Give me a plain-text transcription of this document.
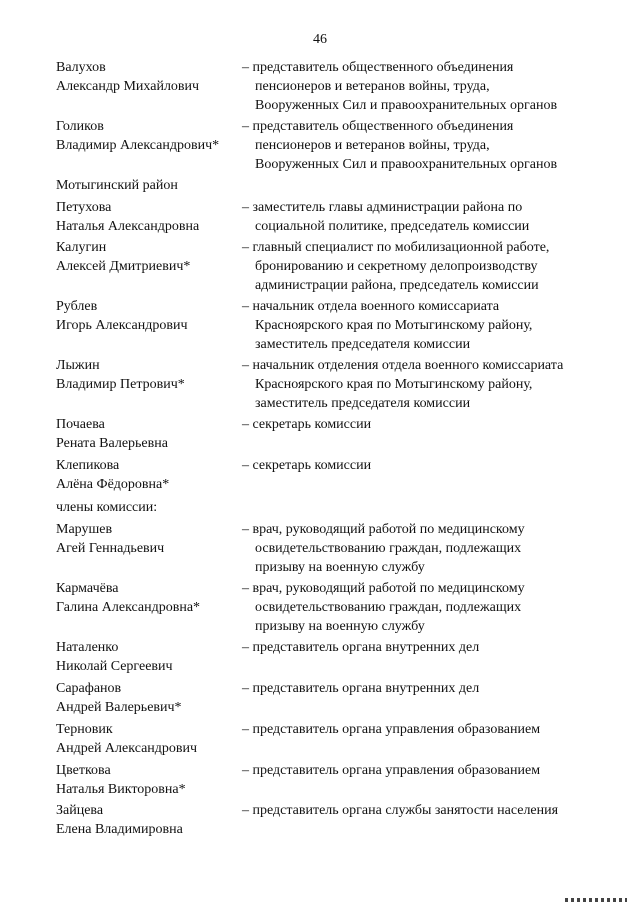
46
Валухов
Александр Михайлович
– представитель общественного объединения
пенсионеров и ветеранов войны, труда,
Вооруженных Сил и правоохранительных органов
Голиков
Владимир Александрович*
– представитель общественного объединения
пенсионеров и ветеранов войны, труда,
Вооруженных Сил и правоохранительных органов
Мотыгинский район
Петухова
Наталья Александровна
– заместитель главы администрации района по
социальной политике, председатель комиссии
Калугин
Алексей Дмитриевич*
– главный специалист по мобилизационной работе,
бронированию и секретному делопроизводству
администрации района, председатель комиссии
Рублев
Игорь Александрович
– начальник отдела военного комиссариата
Красноярского края по Мотыгинскому району,
заместитель председателя комиссии
Лыжин
Владимир Петрович*
– начальник отделения отдела военного комиссариата
Красноярского края по Мотыгинскому району,
заместитель председателя комиссии
Почаева
Рената Валерьевна
– секретарь комиссии
Клепикова
Алёна Фёдоровна*
– секретарь комиссии
члены комиссии:
Марушев
Агей Геннадьевич
– врач, руководящий работой по медицинскому
освидетельствованию граждан, подлежащих
призыву на военную службу
Кармачёва
Галина Александровна*
– врач, руководящий работой по медицинскому
освидетельствованию граждан, подлежащих
призыву на военную службу
Наталенко
Николай Сергеевич
– представитель органа внутренних дел
Сарафанов
Андрей Валерьевич*
– представитель органа внутренних дел
Терновик
Андрей Александрович
– представитель органа управления образованием
Цветкова
Наталья Викторовна*
– представитель органа управления образованием
Зайцева
Елена Владимировна
– представитель органа службы занятости населения
